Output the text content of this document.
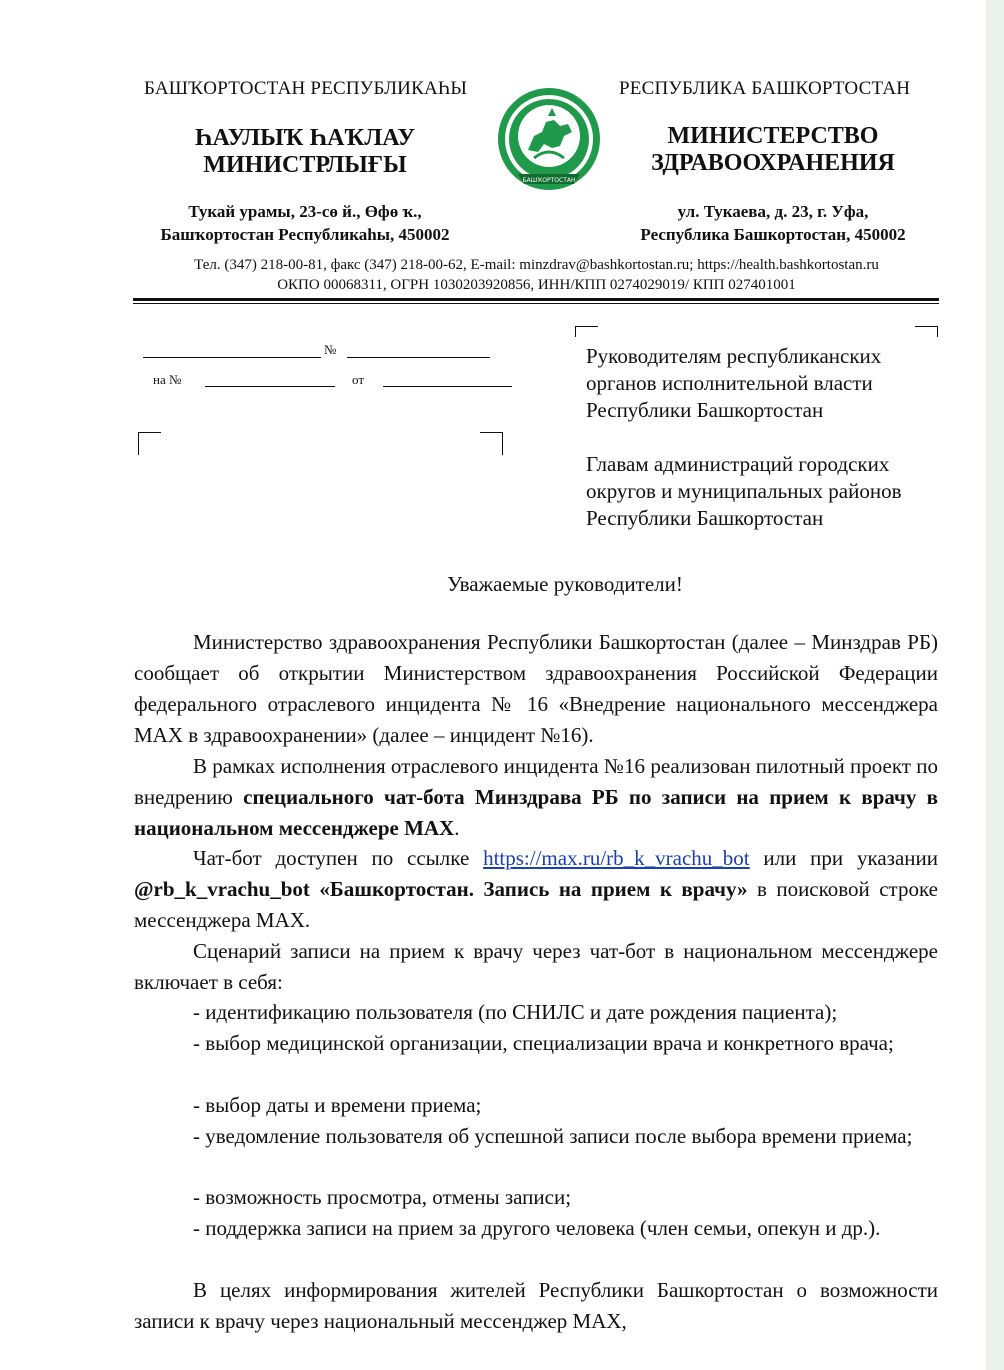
БАШҠОРТОСТАН РЕСПУБЛИКАҺЫ	РЕСПУБЛИКА БАШКОРТОСТАН
ҺАУЛЫҠ ҺАҠЛАУ
МИНИСТРЛЫҒЫ
МИНИСТЕРСТВО
ЗДРАВООХРАНЕНИЯ
БАШҠОРТОСТАН
Тукай урамы, 23-сө й., Өфө ҡ.,
Башҡортостан Республикаһы, 450002
ул. Тукаева, д. 23, г. Уфа,
Республика Башкортостан, 450002
Тел. (347) 218-00-81, факс (347) 218-00-62, E-mail: minzdrav@bashkortostan.ru; https://health.bashkortostan.ru
ОКПО 00068311, ОГРН 1030203920856, ИНН/КПП 0274029019/ КПП 027401001
№
на №	от
Руководителям республиканских
органов исполнительной власти
Республики Башкортостан
Главам администраций городских
округов и муниципальных районов
Республики Башкортостан
Уважаемые руководители!

Министерство здравоохранения Республики Башкортостан (далее – Минздрав РБ) сообщает об открытии Министерством здравоохранения Российской Федерации федерального отраслевого инцидента № 16 «Внедрение национального мессенджера MAX в здравоохранении» (далее – инцидент №16).

В рамках исполнения отраслевого инцидента №16 реализован пилотный проект по внедрению специального чат-бота Минздрава РБ по записи на прием к врачу в национальном мессенджере MAX.

Чат-бот доступен по ссылке https://max.ru/rb_k_vrachu_bot или при указании @rb_k_vrachu_bot «Башкортостан. Запись на прием к врачу» в поисковой строке мессенджера MAX.

Сценарий записи на прием к врачу через чат-бот в национальном мессенджере включает в себя:

- идентификацию пользователя (по СНИЛС и дате рождения пациента);

- выбор медицинской организации, специализации врача и конкретного врача;

- выбор даты и времени приема;

- уведомление пользователя об успешной записи после выбора времени приема;

- возможность просмотра, отмены записи;

- поддержка записи на прием за другого человека (член семьи, опекун и др.).

В целях информирования жителей Республики Башкортостан о возможности записи к врачу через национальный мессенджер MAX,
